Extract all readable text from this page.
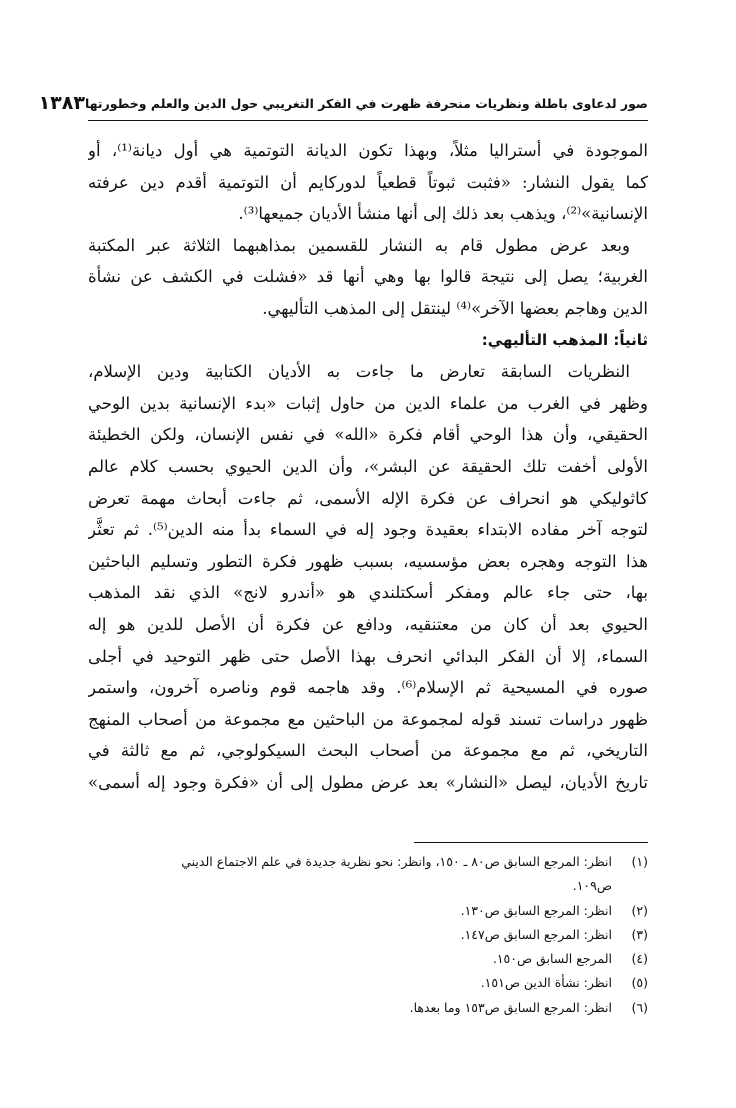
صور لدعاوى باطلة ونظريات منحرفة ظهرت في الفكر التغريبي حول الدين والعلم وخطورتها
١٣٨٣
الموجودة في أستراليا مثلاً، وبهذا تكون الديانة التوتمية هي أول ديانة⁽¹⁾، أو
كما يقول النشار: «فثبت ثبوتاً قطعياً لدوركايم أن التوتمية أقدم دين عرفته
الإنسانية»⁽²⁾، ويذهب بعد ذلك إلى أنها منشأ الأديان جميعها⁽³⁾.
وبعد عرض مطول قام به النشار للقسمين بمذاهبهما الثلاثة عبر المكتبة
الغربية؛ يصل إلى نتيجة قالوا بها وهي أنها قد «فشلت في الكشف عن نشأة
الدين وهاجم بعضها الآخر»⁽⁴⁾ لينتقل إلى المذهب التأليهي.
ثانياً: المذهب التأليهي:
النظريات السابقة تعارض ما جاءت به الأديان الكتابية ودين الإسلام،
وظهر في الغرب من علماء الدين من حاول إثبات «بدء الإنسانية بدين الوحي
الحقيقي، وأن هذا الوحي أقام فكرة «الله» في نفس الإنسان، ولكن الخطيئة
الأولى أخفت تلك الحقيقة عن البشر»، وأن الدين الحيوي بحسب كلام عالم
كاثوليكي هو انحراف عن فكرة الإله الأسمى، ثم جاءت أبحاث مهمة تعرض
لتوجه آخر مفاده الابتداء بعقيدة وجود إله في السماء بدأ منه الدين⁽⁵⁾. ثم تعثَّر
هذا التوجه وهجره بعض مؤسسيه، بسبب ظهور فكرة التطور وتسليم الباحثين
بها، حتى جاء عالم ومفكر أسكتلندي هو «أندرو لانج» الذي نقد المذهب
الحيوي بعد أن كان من معتنقيه، ودافع عن فكرة أن الأصل للدين هو إله
السماء، إلا أن الفكر البدائي انحرف بهذا الأصل حتى ظهر التوحيد في أجلى
صوره في المسيحية ثم الإسلام⁽⁶⁾. وقد هاجمه قوم وناصره آخرون، واستمر
ظهور دراسات تسند قوله لمجموعة من الباحثين مع مجموعة من أصحاب المنهج
التاريخي، ثم مع مجموعة من أصحاب البحث السيكولوجي، ثم مع ثالثة في
تاريخ الأديان، ليصل «النشار» بعد عرض مطول إلى أن «فكرة وجود إله أسمى»
(١)
انظر: المرجع السابق ص٨٠ ـ ١٥٠، وانظر: نحو نظرية جديدة في علم الاجتماع الديني
ص١٠٩.
(٢)
انظر: المرجع السابق ص١٣٠.
(٣)
انظر: المرجع السابق ص١٤٧.
(٤)
المرجع السابق ص١٥٠.
(٥)
انظر: نشأة الدين ص١٥١.
(٦)
انظر: المرجع السابق ص١٥٣ وما بعدها.
